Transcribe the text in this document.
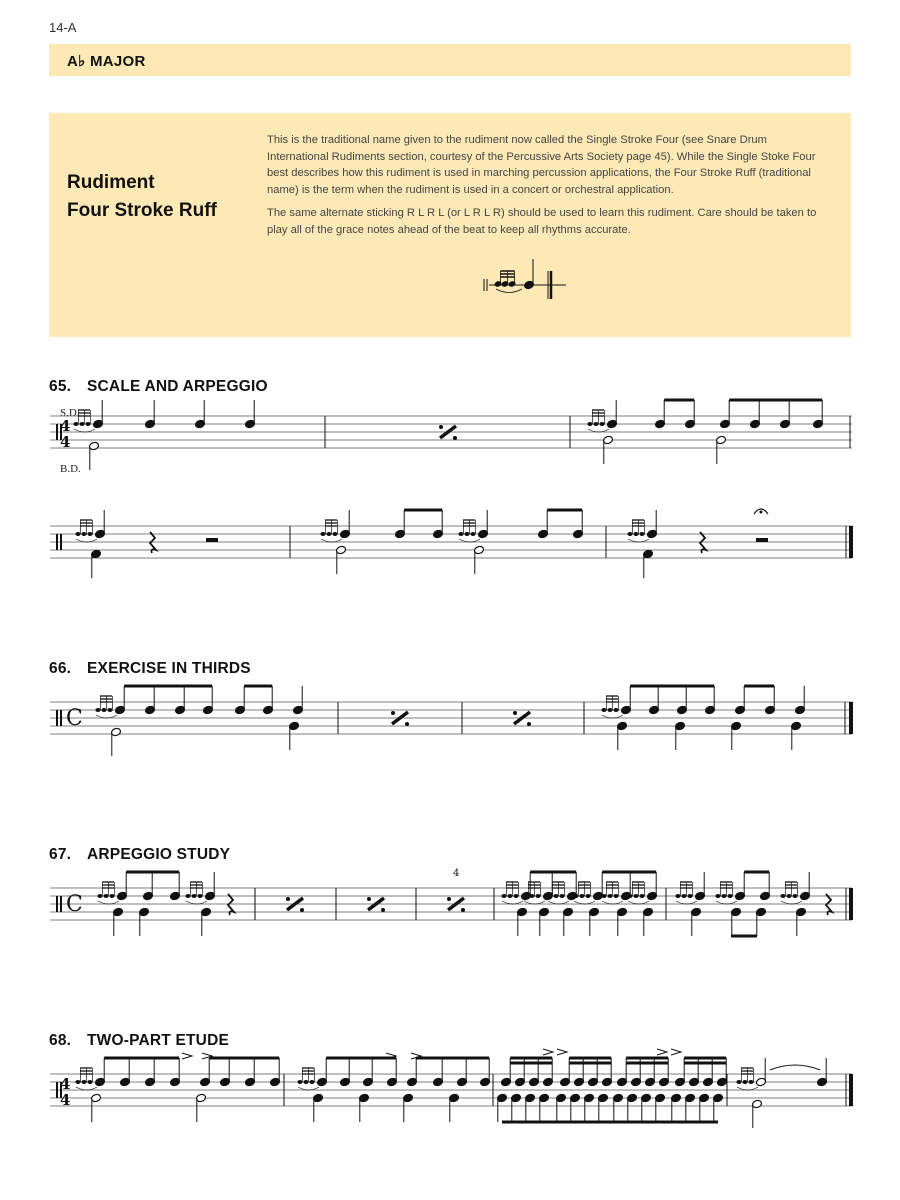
14-A
A♭ MAJOR
Rudiment
Four Stroke Ruff

This is the traditional name given to the rudiment now called the Single Stroke Four (see Snare Drum International Rudiments section, courtesy of the Percussive Arts Society page 45). While the Single Stoke Four best describes how this rudiment is used in marching percussion applications, the Four Stroke Ruff (traditional name) is the term when the rudiment is used in a concert or orchestral application.

The same alternate sticking R L R L (or L R L R) should be used to learn this rudiment. Care should be taken to play all of the grace notes ahead of the beat to keep all rhythms accurate.

65. SCALE AND ARPEGGIO
S.D.
B.D.
66. EXERCISE IN THIRDS
67. ARPEGGIO STUDY
68. TWO-PART ETUDE
4
4
C
C
4
4
4
